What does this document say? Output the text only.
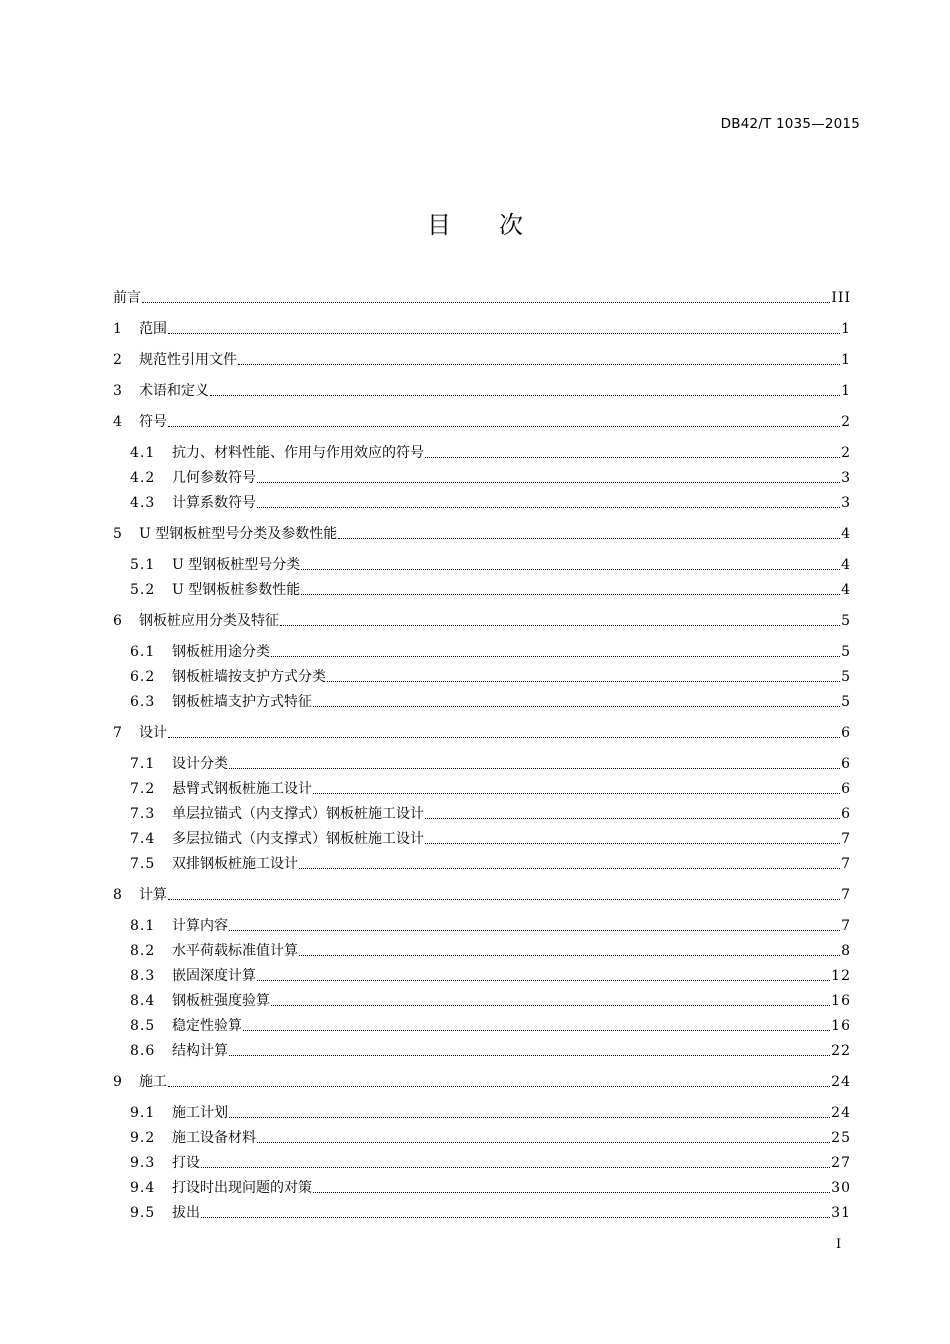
DB42/T 1035—2015
目次
前言	III
1	范围	1
2	规范性引用文件	1
3	术语和定义	1
4	符号	2
4.1	抗力、材料性能、作用与作用效应的符号	2
4.2	几何参数符号	3
4.3	计算系数符号	3
5	U 型钢板桩型号分类及参数性能	4
5.1	U 型钢板桩型号分类	4
5.2	U 型钢板桩参数性能	4
6	钢板桩应用分类及特征	5
6.1	钢板桩用途分类	5
6.2	钢板桩墙按支护方式分类	5
6.3	钢板桩墙支护方式特征	5
7	设计	6
7.1	设计分类	6
7.2	悬臂式钢板桩施工设计	6
7.3	单层拉锚式（内支撑式）钢板桩施工设计	6
7.4	多层拉锚式（内支撑式）钢板桩施工设计	7
7.5	双排钢板桩施工设计	7
8	计算	7
8.1	计算内容	7
8.2	水平荷载标准值计算	8
8.3	嵌固深度计算	12
8.4	钢板桩强度验算	16
8.5	稳定性验算	16
8.6	结构计算	22
9	施工	24
9.1	施工计划	24
9.2	施工设备材料	25
9.3	打设	27
9.4	打设时出现问题的对策	30
9.5	拔出	31
I
